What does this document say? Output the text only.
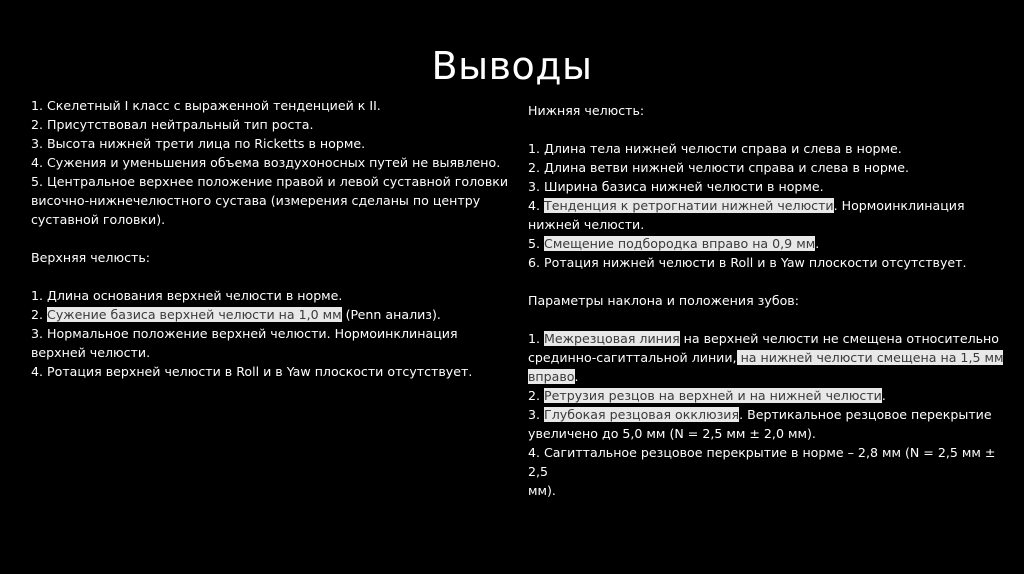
Выводы
1. Скелетный I класс с выраженной тенденцией к II.
2. Присутствовал нейтральный тип роста.
3. Высота нижней трети лица по Ricketts в норме.
4. Сужения и уменьшения объема воздухоносных путей не выявлено.
5. Центральное верхнее положение правой и левой суставной головки
височно-нижнечелюстного сустава (измерения сделаны по центру
суставной головки).
Верхняя челюсть:
1. Длина основания верхней челюсти в норме.
2. Сужение базиса верхней челюсти на 1,0 мм (Penn анализ).
3. Нормальное положение верхней челюсти. Нормоинклинация
верхней челюсти.
4. Ротация верхней челюсти в Roll и в Yaw плоскости отсутствует.
Нижняя челюсть:
1. Длина тела нижней челюсти справа и слева в норме.
2. Длина ветви нижней челюсти справа и слева в норме.
3. Ширина базиса нижней челюсти в норме.
4. Тенденция к ретрогнатии нижней челюсти. Нормоинклинация
нижней челюсти.
5. Смещение подбородка вправо на 0,9 мм.
6. Ротация нижней челюсти в Roll и в Yaw плоскости отсутствует.
Параметры наклона и положения зубов:
1. Межрезцовая линия на верхней челюсти не смещена относительно
срединно-сагиттальной линии, на нижней челюсти смещена на 1,5 мм
вправо.
2. Ретрузия резцов на верхней и на нижней челюсти.
3. Глубокая резцовая окклюзия. Вертикальное резцовое перекрытие
увеличено до 5,0 мм (N = 2,5 мм ± 2,0 мм).
4. Сагиттальное резцовое перекрытие в норме – 2,8 мм (N = 2,5 мм ±
2,5
мм).
